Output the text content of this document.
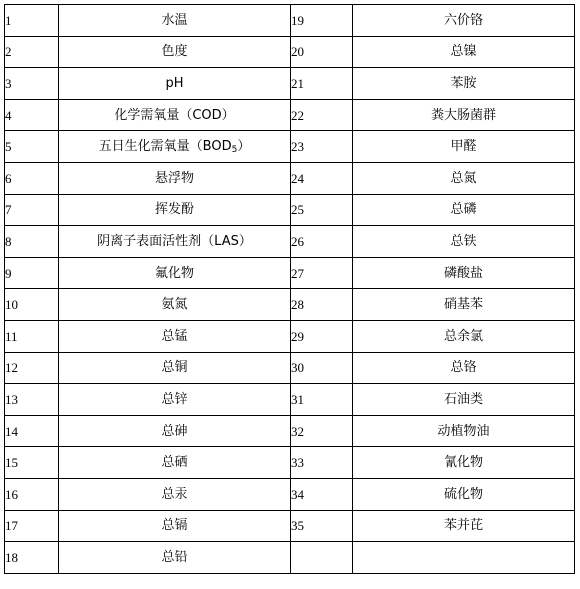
1	水温	19	六价铬
2	色度	20	总镍
3	pH	21	苯胺
4	化学需氧量（COD）	22	粪大肠菌群
5	五日生化需氧量$(BOD_5)$	23	甲醛
6	悬浮物	24	总氮
7	挥发酚	25	总磷
8	阴离子表面活性剂（LAS）	26	总铁
9	氟化物	27	磷酸盐
10	氨氮	28	硝基苯
11	总锰	29	总余氯
12	总铜	30	总铬
13	总锌	31	石油类
14	总砷	32	动植物油
15	总硒	33	氰化物
16	总汞	34	硫化物
17	总镉	35	苯并芘
18	总铅		
